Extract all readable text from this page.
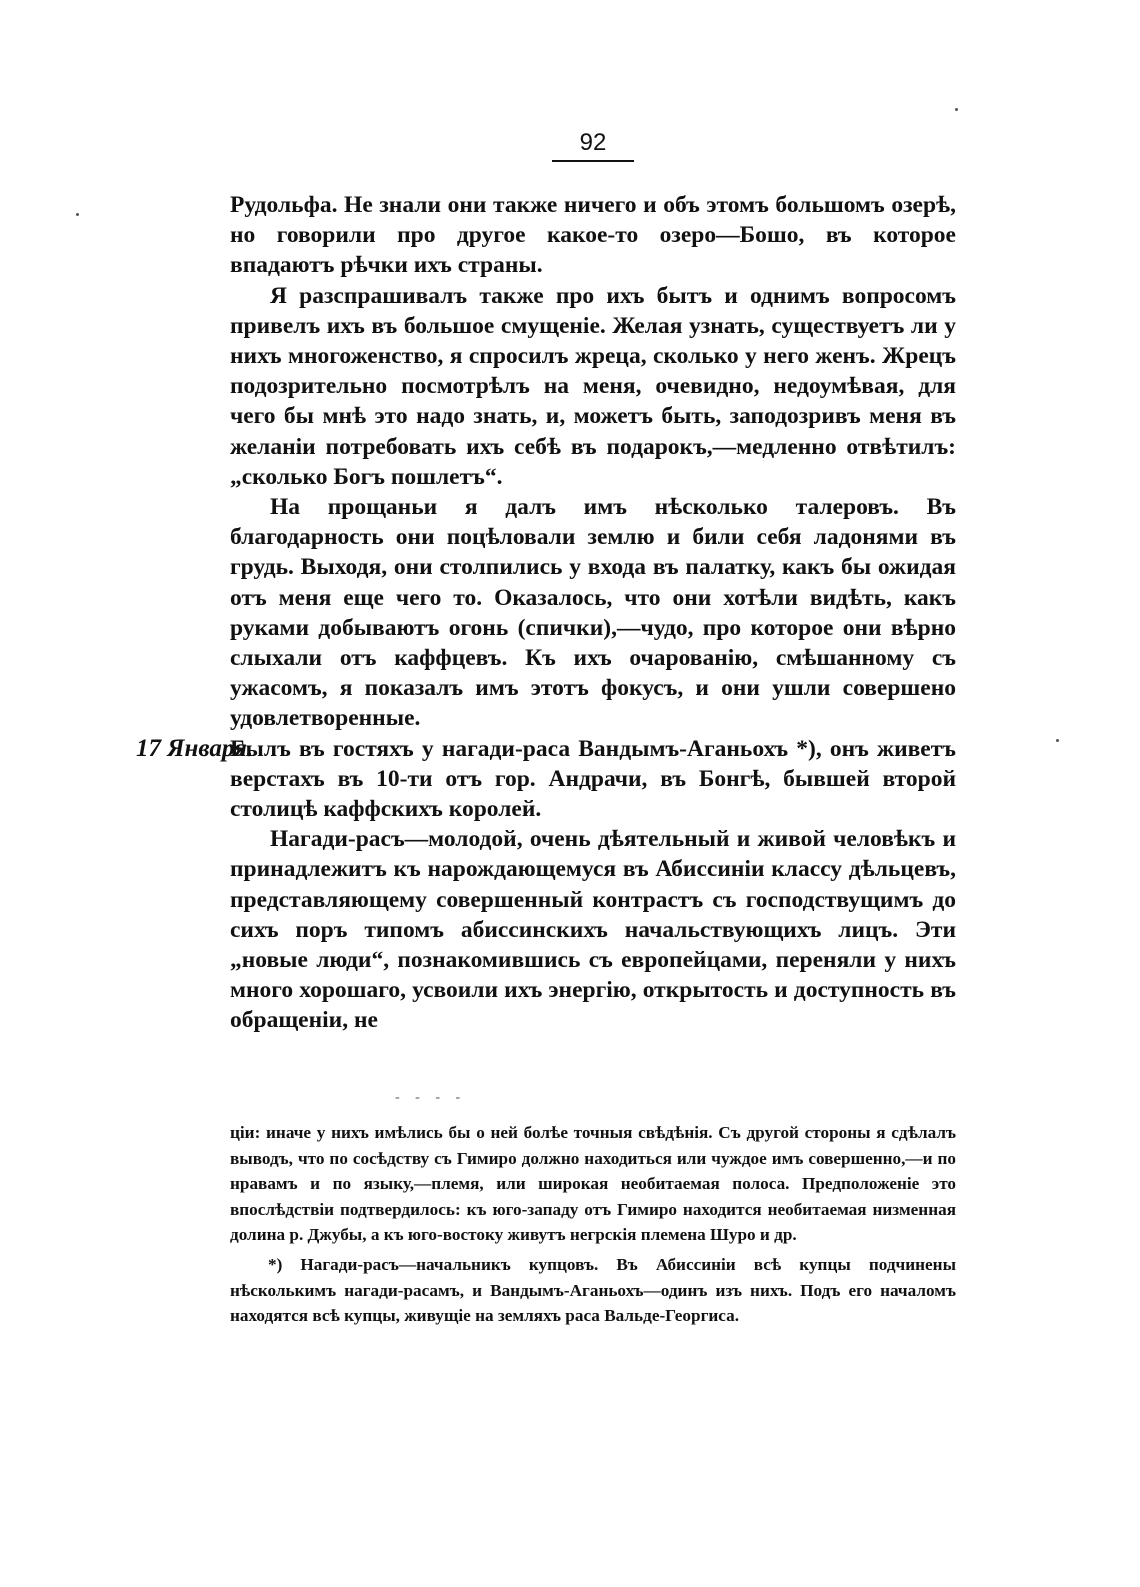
92

Рудольфа. Не знали они также ничего и объ этомъ большомъ озерѣ, но говорили про другое какое-то озеро—Бошо, въ которое впадаютъ рѣчки ихъ страны.

Я разспрашивалъ также про ихъ бытъ и однимъ вопросомъ привелъ ихъ въ большое смущеніе. Желая узнать, существуетъ ли у нихъ многоженство, я спросилъ жреца, сколько у него женъ. Жрецъ подозрительно посмотрѣлъ на меня, очевидно, недоумѣвая, для чего бы мнѣ это надо знать, и, можетъ быть, заподозривъ меня въ желаніи потребовать ихъ себѣ въ подарокъ,—медленно отвѣтилъ: „сколько Богъ пошлетъ“.

На прощаньи я далъ имъ нѣсколько талеровъ. Въ благодарность они поцѣловали землю и били себя ладонями въ грудь. Выходя, они столпились у входа въ палатку, какъ бы ожидая отъ меня еще чего то. Оказалось, что они хотѣли видѣть, какъ руками добываютъ огонь (спички),—чудо, про которое они вѣрно слыхали отъ каффцевъ. Къ ихъ очарованію, смѣшанному съ ужасомъ, я показалъ имъ этотъ фокусъ, и они ушли совершено удовлетворенные.

17 Января.

Былъ въ гостяхъ у нагади-раса Вандымъ-Аганьохъ *), онъ живетъ верстахъ въ 10-ти отъ гор. Андрачи, въ Бонгѣ, бывшей второй столицѣ каффскихъ королей.

Нагади-расъ—молодой, очень дѣятельный и живой человѣкъ и принадлежитъ къ нарождающемуся въ Абиссиніи классу дѣльцевъ, представляющему совершенный контрастъ съ господствущимъ до сихъ поръ типомъ абиссинскихъ начальствующихъ лицъ. Эти „новые люди“, познакомившись съ европейцами, переняли у нихъ много хорошаго, усвоили ихъ энергію, открытость и доступность въ обращеніи, не

- - - -

ціи: иначе у нихъ имѣлись бы о ней болѣе точныя свѣдѣнія. Съ другой стороны я сдѣлалъ выводъ, что по сосѣдству съ Гимиро должно находиться или чуждое имъ совершенно,—и по нравамъ и по языку,—племя, или широкая необитаемая полоса. Предположеніе это впослѣдствіи подтвердилось: къ юго-западу отъ Гимиро находится необитаемая низменная долина р. Джубы, а къ юго-востоку живутъ негрскія племена Шуро и др.

*) Нагади-расъ—начальникъ купцовъ. Въ Абиссиніи всѣ купцы подчинены нѣсколькимъ нагади-расамъ, и Вандымъ-Аганьохъ—одинъ изъ нихъ. Подъ его началомъ находятся всѣ купцы, живущіе на земляхъ раса Вальде-Георгиса.
